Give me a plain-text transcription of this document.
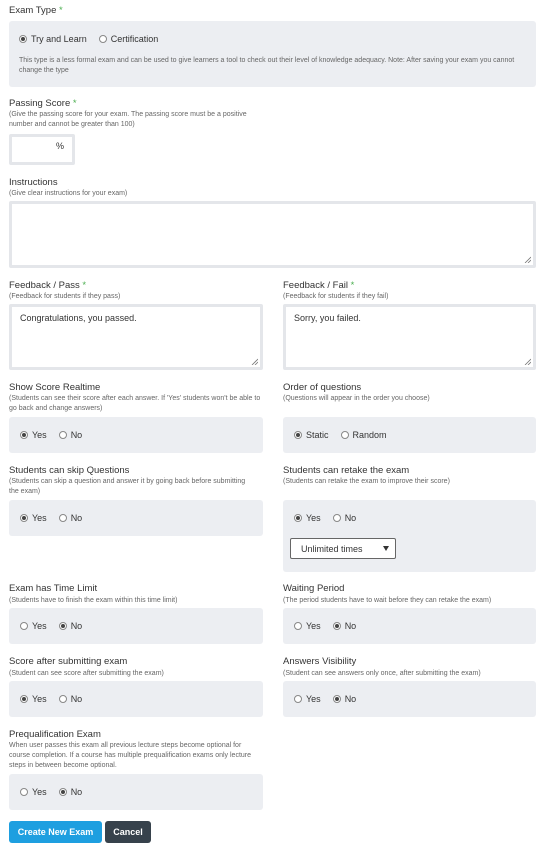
Exam Type *
Try and Learn	Certification
This type is a less formal exam and can be used to give learners a tool to check out their level of knowledge adequacy. Note: After saving your exam you cannot change the type
Passing Score *
(Give the passing score for your exam. The passing score must be a positive number and cannot be greater than 100)
%
Instructions
(Give clear instructions for your exam)
Feedback / Pass *
(Feedback for students if they pass)
Congratulations, you passed.
Feedback / Fail *
(Feedback for students if they fail)
Sorry, you failed.
Show Score Realtime
(Students can see their score after each answer. If 'Yes' students won't be able to go back and change answers)
Yes	No
Order of questions
(Questions will appear in the order you choose)
Static	Random
Students can skip Questions
(Students can skip a question and answer it by going back before submitting the exam)
Yes	No
Students can retake the exam
(Students can retake the exam to improve their score)
Yes	No
Unlimited times
Exam has Time Limit
(Students have to finish the exam within this time limit)
Yes	No
Waiting Period
(The period students have to wait before they can retake the exam)
Yes	No
Score after submitting exam
(Student can see score after submitting the exam)
Yes	No
Answers Visibility
(Student can see answers only once, after submitting the exam)
Yes	No
Prequalification Exam
When user passes this exam all previous lecture steps become optional for course completion. If a course has multiple prequalification exams only lecture steps in between become optional.
Yes	No
Create New Exam	Cancel
